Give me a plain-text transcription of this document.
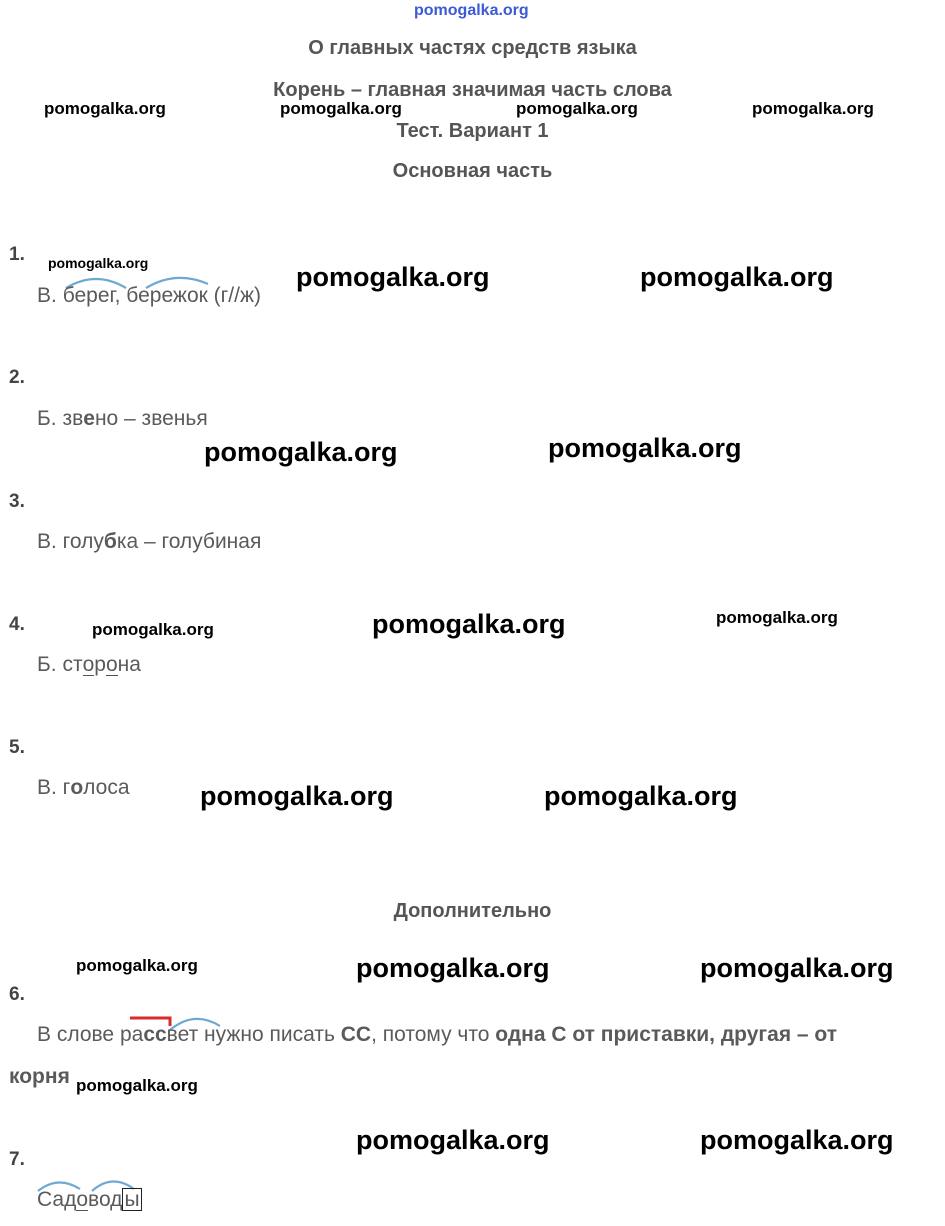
pomogalka.org
О главных частях средств языка
Корень – главная значимая часть слова
Тест. Вариант 1
Основная часть
pomogalka.org	pomogalka.org	pomogalka.org	pomogalka.org
1. pomogalka.org	pomogalka.org	pomogalka.org
В. берег, бережок (г//ж)
2.
Б. звено – звенья
pomogalka.org	pomogalka.org
3.
В. голубка – голубиная
4.	pomogalka.org	pomogalka.org	pomogalka.org
Б. сторона
5.
В. голоса	pomogalka.org	pomogalka.org
Дополнительно
pomogalka.org	pomogalka.org	pomogalka.org
6.
В слове рассвет нужно писать СС, потому что одна С от приставки, другая – от
корня pomogalka.org
pomogalka.org	pomogalka.org
7.
Садоводы
